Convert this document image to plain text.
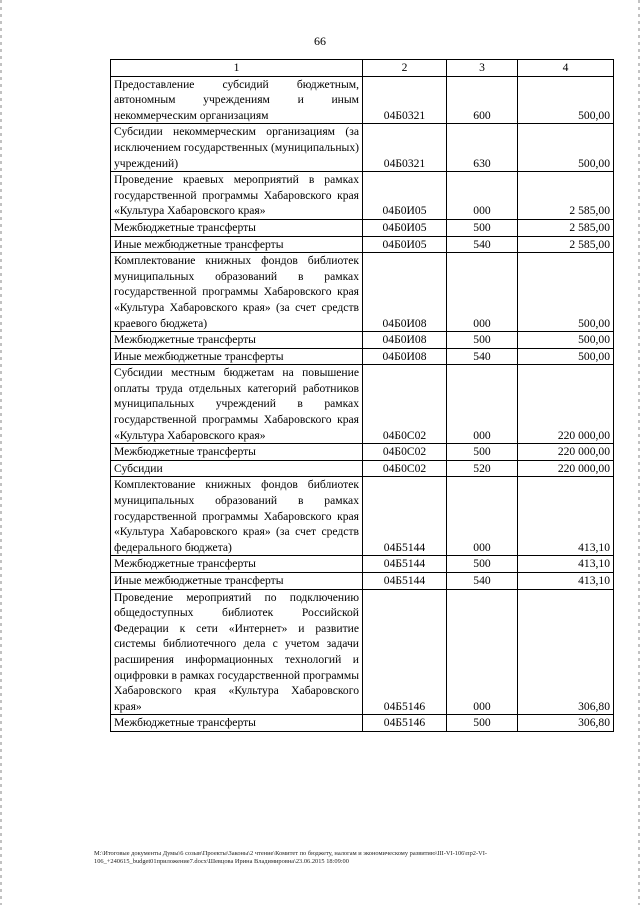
66
1	2	3	4
Предоставление субсидий бюджетным, автономным учреждениям и иным некоммерческим организациям	04Б0321	600	500,00
Субсидии некоммерческим организациям (за исключением государственных (муниципальных) учреждений)	04Б0321	630	500,00
Проведение краевых мероприятий в рамках государственной программы Хабаровского края «Культура Хабаровского края»	04Б0И05	000	2 585,00
Межбюджетные трансферты	04Б0И05	500	2 585,00
Иные межбюджетные трансферты	04Б0И05	540	2 585,00
Комплектование книжных фондов библиотек муниципальных образований в рамках государственной программы Хабаровского края «Культура Хабаровского края» (за счет средств краевого бюджета)	04Б0И08	000	500,00
Межбюджетные трансферты	04Б0И08	500	500,00
Иные межбюджетные трансферты	04Б0И08	540	500,00
Субсидии местным бюджетам на повышение оплаты труда отдельных категорий работников муниципальных учреждений в рамках государственной программы Хабаровского края «Культура Хабаровского края»	04Б0С02	000	220 000,00
Межбюджетные трансферты	04Б0С02	500	220 000,00
Субсидии	04Б0С02	520	220 000,00
Комплектование книжных фондов библиотек муниципальных образований в рамках государственной программы Хабаровского края «Культура Хабаровского края» (за счет средств федерального бюджета)	04Б5144	000	413,10
Межбюджетные трансферты	04Б5144	500	413,10
Иные межбюджетные трансферты	04Б5144	540	413,10
Проведение мероприятий по подключению общедоступных библиотек Российской Федерации к сети «Интернет» и развитие системы библиотечного дела с учетом задачи расширения информационных технологий и оцифровки в рамках государственной программы Хабаровского края «Культура Хабаровского края»	04Б5146	000	306,80
Межбюджетные трансферты	04Б5146	500	306,80
М:\Итоговые документы Думы\6 созыв\Проекты\Законы\2 чтение\Комитет по бюджету, налогам и экономическому развитию\III-VI-106\пр2-VI-106_+240615_budget01приложение7.docx\Шевцова Ирина Владимировна\23.06.2015 18:09:00
